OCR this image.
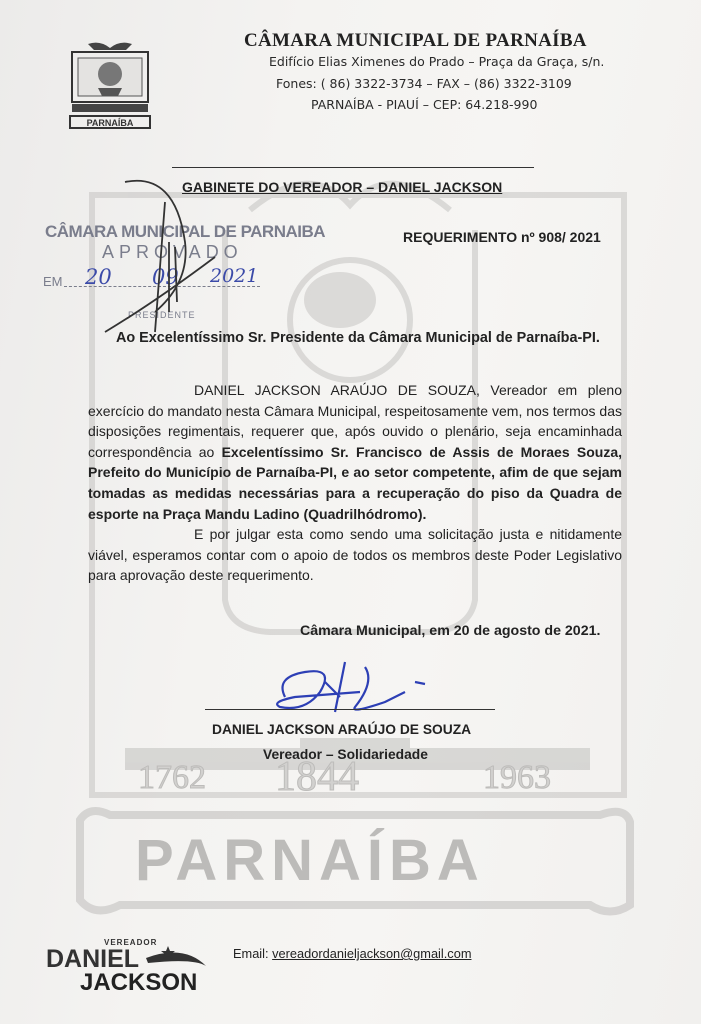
1762 1844	1963
PARNAÍBA
PARNAÍBA
CÂMARA MUNICIPAL DE PARNAÍBA
Edifício Elias Ximenes do Prado – Praça da Graça, s/n.
Fones: ( 86) 3322-3734 – FAX – (86) 3322-3109
PARNAÍBA - PIAUÍ – CEP: 64.218-990
GABINETE DO VEREADOR – DANIEL JACKSON
REQUERIMENTO nº 908/ 2021
CÂMARA MUNICIPAL DE PARNAIBA
APROVADO
EM 20 09 2021
PRESIDENTE
Ao Excelentíssimo Sr. Presidente da Câmara Municipal de Parnaíba-PI.

DANIEL JACKSON ARAÚJO DE SOUZA, Vereador em pleno exercício do mandato nesta Câmara Municipal, respeitosamente vem, nos termos das disposições regimentais, requerer que, após ouvido o plenário, seja encaminhada correspondência ao Excelentíssimo Sr. Francisco de Assis de Moraes Souza, Prefeito do Município de Parnaíba-PI, e ao setor competente, afim de que sejam tomadas as medidas necessárias para a recuperação do piso da Quadra de esporte na Praça Mandu Ladino (Quadrilhódromo).

E por julgar esta como sendo uma solicitação justa e nitidamente viável, esperamos contar com o apoio de todos os membros deste Poder Legislativo para aprovação deste requerimento.

Câmara Municipal, em 20 de agosto de 2021.
DANIEL JACKSON ARAÚJO DE SOUZA
Vereador – Solidariedade
VEREADOR
DANIEL
JACKSON
Email: vereadordanieljackson@gmail.com
